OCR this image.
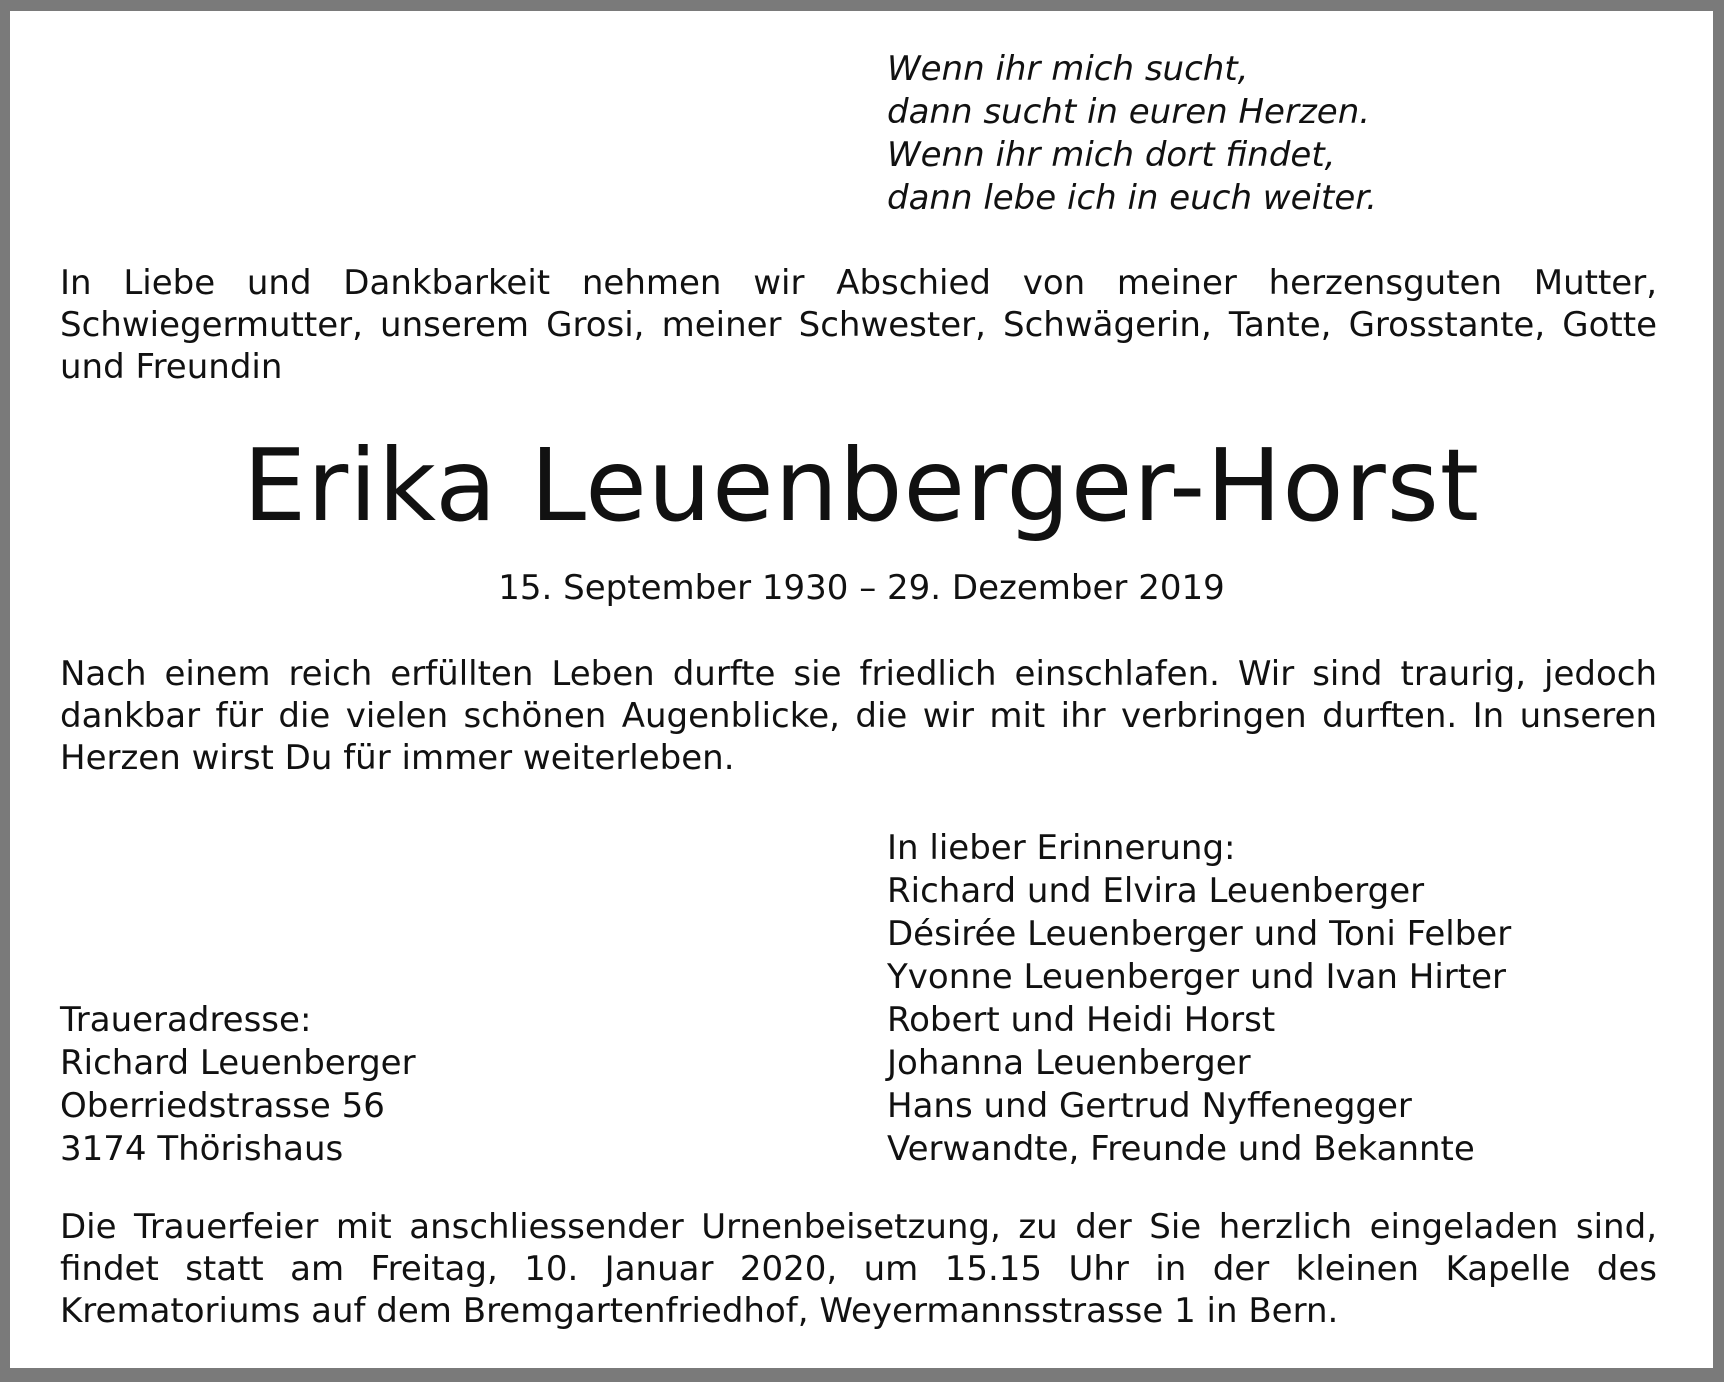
Wenn ihr mich sucht,
dann sucht in euren Herzen.
Wenn ihr mich dort findet,
dann lebe ich in euch weiter.
In Liebe und Dankbarkeit nehmen wir Abschied von meiner herzensguten Mutter, Schwiegermutter, unserem Grosi, meiner Schwester, Schwägerin, Tante, Grosstante, Gotte und Freundin
Erika Leuenberger-Horst
15. September 1930 – 29. Dezember 2019
Nach einem reich erfüllten Leben durfte sie friedlich einschlafen. Wir sind traurig, jedoch dankbar für die vielen schönen Augenblicke, die wir mit ihr verbringen durften. In unseren Herzen wirst Du für immer weiterleben.
In lieber Erinnerung:
Richard und Elvira Leuenberger
Désirée Leuenberger und Toni Felber
Yvonne Leuenberger und Ivan Hirter
Robert und Heidi Horst
Johanna Leuenberger
Hans und Gertrud Nyffenegger
Verwandte, Freunde und Bekannte
Traueradresse:
Richard Leuenberger
Oberriedstrasse 56
3174 Thörishaus
Die Trauerfeier mit anschliessender Urnenbeisetzung, zu der Sie herzlich eingeladen sind, findet statt am Freitag, 10. Januar 2020, um 15.15 Uhr in der kleinen Kapelle des Krematoriums auf dem Bremgartenfriedhof, Weyermannsstrasse 1 in Bern.
